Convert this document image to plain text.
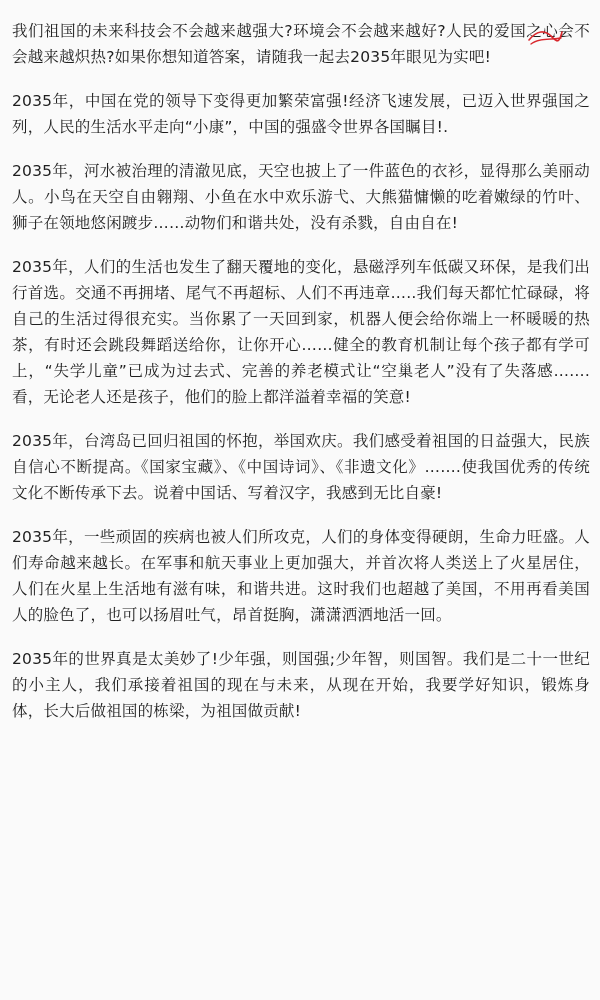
我们祖国的未来科技会不会越来越强大?环境会不会越来越好?人民的爱国之心会不会越来越炽热?如果你想知道答案，请随我一起去2035年眼见为实吧!

2035年，中国在党的领导下变得更加繁荣富强!经济飞速发展，已迈入世界强国之列，人民的生活水平走向“小康”，中国的强盛令世界各国瞩目!.

2035年，河水被治理的清澈见底，天空也披上了一件蓝色的衣衫，显得那么美丽动人。小鸟在天空自由翱翔、小鱼在水中欢乐游弋、大熊猫慵懒的吃着嫩绿的竹叶、狮子在领地悠闲踱步……动物们和谐共处，没有杀戮，自由自在!

2035年，人们的生活也发生了翻天覆地的变化，悬磁浮列车低碳又环保，是我们出行首选。交通不再拥堵、尾气不再超标、人们不再违章…..我们每天都忙忙碌碌，将自己的生活过得很充实。当你累了一天回到家，机器人便会给你端上一杯暖暖的热茶，有时还会跳段舞蹈送给你，让你开心……健全的教育机制让每个孩子都有学可上，“失学儿童”已成为过去式、完善的养老模式让“空巢老人”没有了失落感…….看，无论老人还是孩子，他们的脸上都洋溢着幸福的笑意!

2035年，台湾岛已回归祖国的怀抱，举国欢庆。我们感受着祖国的日益强大，民族自信心不断提高。《国家宝藏》、《中国诗词》、《非遗文化》…….使我国优秀的传统文化不断传承下去。说着中国话、写着汉字，我感到无比自豪!

2035年，一些顽固的疾病也被人们所攻克，人们的身体变得硬朗，生命力旺盛。人们寿命越来越长。在军事和航天事业上更加强大，并首次将人类送上了火星居住，人们在火星上生活地有滋有味，和谐共进。这时我们也超越了美国，不用再看美国人的脸色了，也可以扬眉吐气，昂首挺胸，潇潇洒洒地活一回。

2035年的世界真是太美妙了!少年强，则国强;少年智，则国智。我们是二十一世纪的小主人，我们承接着祖国的现在与未来，从现在开始，我要学好知识，锻炼身体，长大后做祖国的栋梁，为祖国做贡献!
